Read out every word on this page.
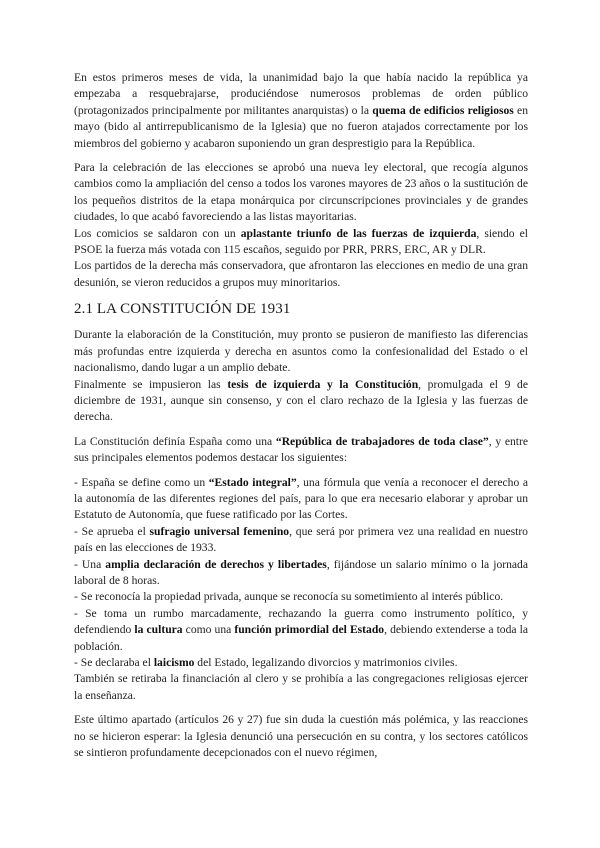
En estos primeros meses de vida, la unanimidad bajo la que había nacido la república ya empezaba a resquebrajarse, produciéndose numerosos problemas de orden público (protagonizados principalmente por militantes anarquistas) o la quema de edificios religiosos en mayo (bido al antirrepublicanismo de la Iglesia) que no fueron atajados correctamente por los miembros del gobierno y acabaron suponiendo un gran desprestigio para la República.

Para la celebración de las elecciones se aprobó una nueva ley electoral, que recogía algunos cambios como la ampliación del censo a todos los varones mayores de 23 años o la sustitución de los pequeños distritos de la etapa monárquica por circunscripciones provinciales y de grandes ciudades, lo que acabó favoreciendo a las listas mayoritarias.

Los comicios se saldaron con un aplastante triunfo de las fuerzas de izquierda, siendo el PSOE la fuerza más votada con 115 escaños, seguido por PRR, PRRS, ERC, AR y DLR.

Los partidos de la derecha más conservadora, que afrontaron las elecciones en medio de una gran desunión, se vieron reducidos a grupos muy minoritarios.

2.1 LA CONSTITUCIÓN DE 1931

Durante la elaboración de la Constitución, muy pronto se pusieron de manifiesto las diferencias más profundas entre izquierda y derecha en asuntos como la confesionalidad del Estado o el nacionalismo, dando lugar a un amplio debate.

Finalmente se impusieron las tesis de izquierda y la Constitución, promulgada el 9 de diciembre de 1931, aunque sin consenso, y con el claro rechazo de la Iglesia y las fuerzas de derecha.

La Constitución definía España como una “República de trabajadores de toda clase”, y entre sus principales elementos podemos destacar los siguientes:

- España se define como un “Estado integral”, una fórmula que venía a reconocer el derecho a la autonomía de las diferentes regiones del país, para lo que era necesario elaborar y aprobar un Estatuto de Autonomía, que fuese ratificado por las Cortes.

- Se aprueba el sufragio universal femenino, que será por primera vez una realidad en nuestro país en las elecciones de 1933.

- Una amplia declaración de derechos y libertades, fijándose un salario mínimo o la jornada laboral de 8 horas.

- Se reconocía la propiedad privada, aunque se reconocía su sometimiento al interés público.

- Se toma un rumbo marcadamente, rechazando la guerra como instrumento político, y defendiendo la cultura como una función primordial del Estado, debiendo extenderse a toda la población.

- Se declaraba el laicismo del Estado, legalizando divorcios y matrimonios civiles.

También se retiraba la financiación al clero y se prohibía a las congregaciones religiosas ejercer la enseñanza.

Este último apartado (artículos 26 y 27) fue sin duda la cuestión más polémica, y las reacciones no se hicieron esperar: la Iglesia denunció una persecución en su contra, y los sectores católicos se sintieron profundamente decepcionados con el nuevo régimen,
